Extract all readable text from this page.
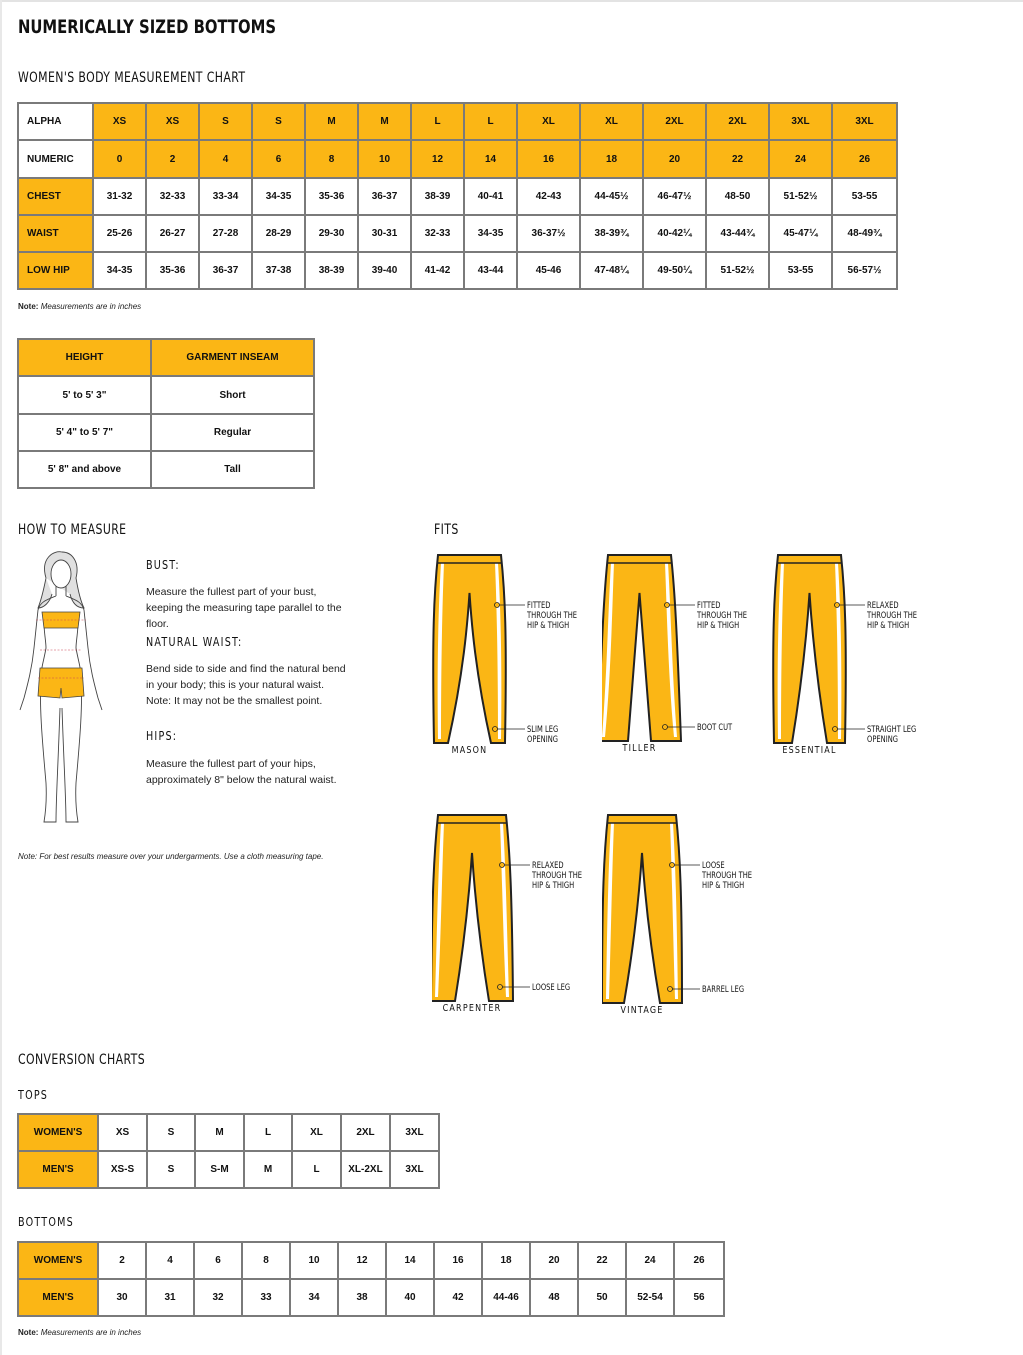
NUMERICALLY SIZED BOTTOMS
WOMEN'S BODY MEASUREMENT CHART
ALPHA	XS	XS	S	S	M	M	L	L	XL	XL	2XL	2XL	3XL	3XL
NUMERIC	0	2	4	6	8	10	12	14	16	18	20	22	24	26
CHEST	31-32	32-33	33-34	34-35	35-36	36-37	38-39	40-41	42-43	44-45½	46-47½	48-50	51-52½	53-55
WAIST	25-26	26-27	27-28	28-29	29-30	30-31	32-33	34-35	36-37½	38-39¾	40-42¼	43-44¾	45-47¼	48-49¾
LOW HIP	34-35	35-36	36-37	37-38	38-39	39-40	41-42	43-44	45-46	47-48¼	49-50¼	51-52½	53-55	56-57½
Note: Measurements are in inches
HEIGHT	GARMENT INSEAM
5' to 5' 3"	Short
5' 4" to 5' 7"	Regular
5' 8" and above	Tall
HOW TO MEASURE
BUST:
Measure the fullest part of your bust, keeping the measuring tape parallel to the floor.
NATURAL WAIST:
Bend side to side and find the natural bend in your body; this is your natural waist. Note: It may not be the smallest point.
HIPS:
Measure the fullest part of your hips, approximately 8" below the natural waist.
Note: For best results measure over your undergarments. Use a cloth measuring tape.
FITS
FITTED
THROUGH THE
HIP & THIGH
SLIM LEG
OPENING
MASON
FITTED
THROUGH THE
HIP & THIGH
BOOT CUT
TILLER
RELAXED
THROUGH THE
HIP & THIGH
STRAIGHT LEG
OPENING
ESSENTIAL
RELAXED
THROUGH THE
HIP & THIGH
LOOSE LEG
CARPENTER
LOOSE
THROUGH THE
HIP & THIGH
BARREL LEG
VINTAGE
CONVERSION CHARTS
TOPS
WOMEN'S	XS	S	M	L	XL	2XL	3XL
MEN'S	XS-S	S	S-M	M	L	XL-2XL	3XL
BOTTOMS
WOMEN'S	2	4	6	8	10	12	14	16	18	20	22	24	26
MEN'S	30	31	32	33	34	38	40	42	44-46	48	50	52-54	56
Note: Measurements are in inches
